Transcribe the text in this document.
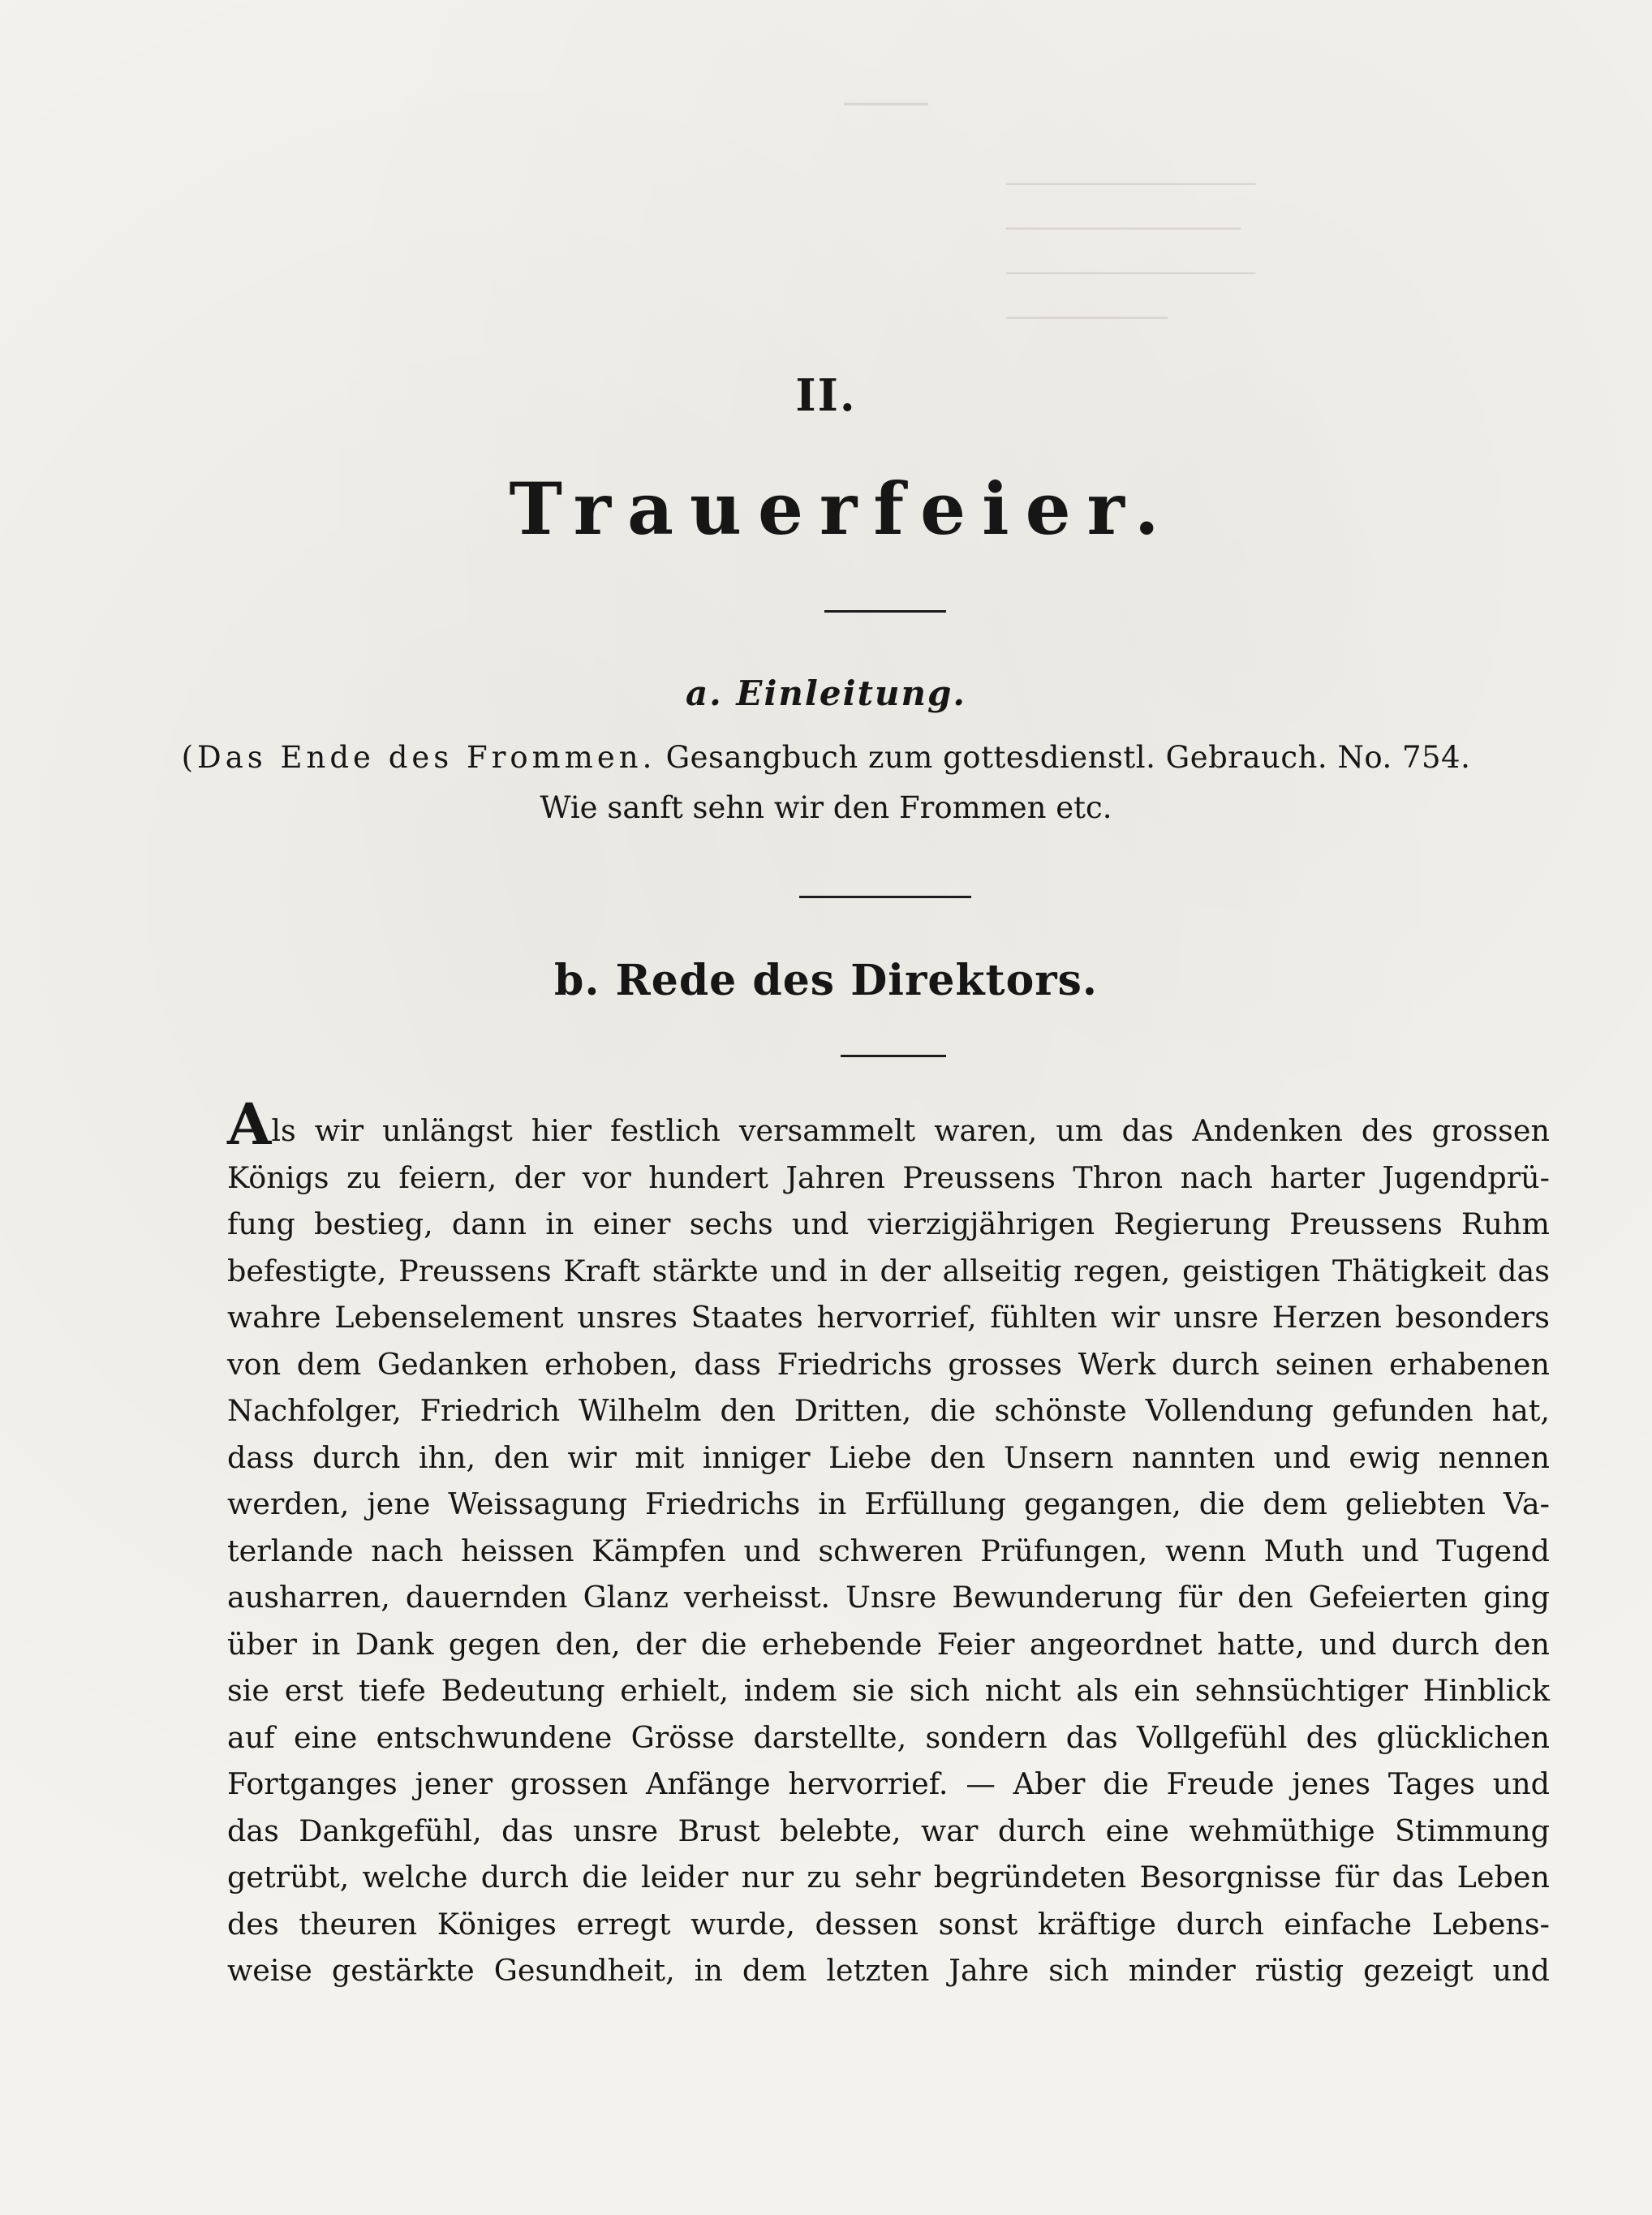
――
─────────────────
────────────────
─────────────────
───────────
II.
Trauerfeier.
a. Einleitung.
(Das Ende des Frommen. Gesangbuch zum gottesdienstl. Gebrauch. No. 754.
Wie sanft sehn wir den Frommen etc.
b. Rede des Direktors.
Als wir unlängst hier festlich versammelt waren, um das Andenken des grossen
Königs zu feiern, der vor hundert Jahren Preussens Thron nach harter Jugendprü-
fung bestieg, dann in einer sechs und vierzigjährigen Regierung Preussens Ruhm
befestigte, Preussens Kraft stärkte und in der allseitig regen, geistigen Thätigkeit das
wahre Lebenselement unsres Staates hervorrief, fühlten wir unsre Herzen besonders
von dem Gedanken erhoben, dass Friedrichs grosses Werk durch seinen erhabenen
Nachfolger, Friedrich Wilhelm den Dritten, die schönste Vollendung gefunden hat,
dass durch ihn, den wir mit inniger Liebe den Unsern nannten und ewig nennen
werden, jene Weissagung Friedrichs in Erfüllung gegangen, die dem geliebten Va-
terlande nach heissen Kämpfen und schweren Prüfungen, wenn Muth und Tugend
ausharren, dauernden Glanz verheisst. Unsre Bewunderung für den Gefeierten ging
über in Dank gegen den, der die erhebende Feier angeordnet hatte, und durch den
sie erst tiefe Bedeutung erhielt, indem sie sich nicht als ein sehnsüchtiger Hinblick
auf eine entschwundene Grösse darstellte, sondern das Vollgefühl des glücklichen
Fortganges jener grossen Anfänge hervorrief. — Aber die Freude jenes Tages und
das Dankgefühl, das unsre Brust belebte, war durch eine wehmüthige Stimmung
getrübt, welche durch die leider nur zu sehr begründeten Besorgnisse für das Leben
des theuren Königes erregt wurde, dessen sonst kräftige durch einfache Lebens-
weise gestärkte Gesundheit, in dem letzten Jahre sich minder rüstig gezeigt und
